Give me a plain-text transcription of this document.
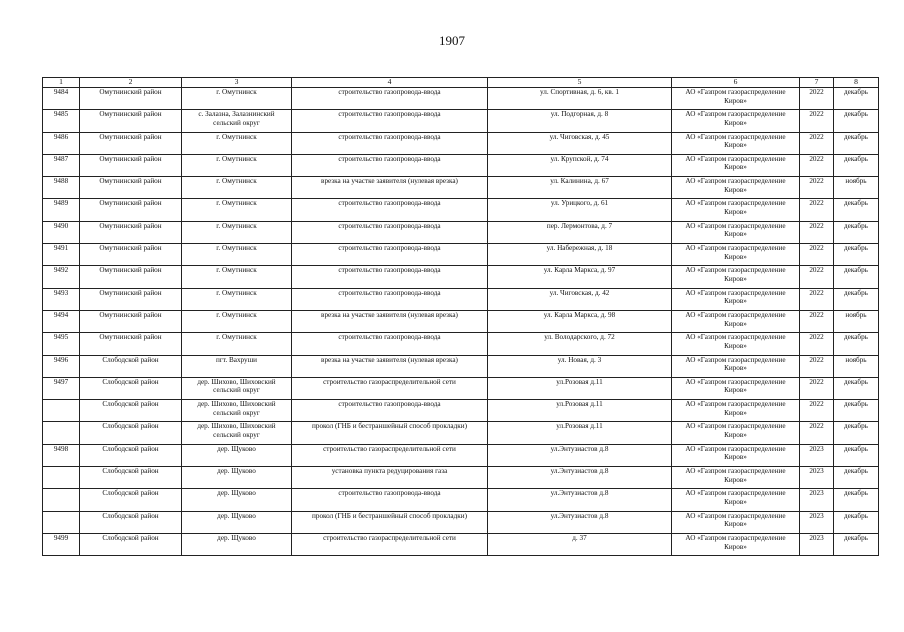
1907
1	2	3	4	5	6	7	8
9484	Омутнинский район	г. Омутнинск	строительство газопровода-ввода	ул. Спортивная, д. 6, кв. 1	АО «Газпром газораспределение Киров»	2022	декабрь
9485	Омутнинский район	с. Залазна, Залазнинский сельский округ	строительство газопровода-ввода	ул. Подгорная, д. 8	АО «Газпром газораспределение Киров»	2022	декабрь
9486	Омутнинский район	г. Омутнинск	строительство газопровода-ввода	ул. Чиговская, д. 45	АО «Газпром газораспределение Киров»	2022	декабрь
9487	Омутнинский район	г. Омутнинск	строительство газопровода-ввода	ул. Крупской, д. 74	АО «Газпром газораспределение Киров»	2022	декабрь
9488	Омутнинский район	г. Омутнинск	врезка на участке заявителя (нулевая врезка)	ул. Калинина, д. 67	АО «Газпром газораспределение Киров»	2022	ноябрь
9489	Омутнинский район	г. Омутнинск	строительство газопровода-ввода	ул. Урицкого, д. 61	АО «Газпром газораспределение Киров»	2022	декабрь
9490	Омутнинский район	г. Омутнинск	строительство газопровода-ввода	пер. Лермонтова, д. 7	АО «Газпром газораспределение Киров»	2022	декабрь
9491	Омутнинский район	г. Омутнинск	строительство газопровода-ввода	ул. Набережная, д. 18	АО «Газпром газораспределение Киров»	2022	декабрь
9492	Омутнинский район	г. Омутнинск	строительство газопровода-ввода	ул. Карла Маркса, д. 97	АО «Газпром газораспределение Киров»	2022	декабрь
9493	Омутнинский район	г. Омутнинск	строительство газопровода-ввода	ул. Чиговская, д. 42	АО «Газпром газораспределение Киров»	2022	декабрь
9494	Омутнинский район	г. Омутнинск	врезка на участке заявителя (нулевая врезка)	ул. Карла Маркса, д. 98	АО «Газпром газораспределение Киров»	2022	ноябрь
9495	Омутнинский район	г. Омутнинск	строительство газопровода-ввода	ул. Володарского, д. 72	АО «Газпром газораспределение Киров»	2022	декабрь
9496	Слободской район	пгт. Вахруши	врезка на участке заявителя (нулевая врезка)	ул. Новая, д. 3	АО «Газпром газораспределение Киров»	2022	ноябрь
9497	Слободской район	дер. Шихово, Шиховский сельский округ	строительство газораспределительной сети	ул.Розовая д.11	АО «Газпром газораспределение Киров»	2022	декабрь
	Слободской район	дер. Шихово, Шиховский сельский округ	строительство газопровода-ввода	ул.Розовая д.11	АО «Газпром газораспределение Киров»	2022	декабрь
	Слободской район	дер. Шихово, Шиховский сельский округ	прокол (ГНБ и бестраншейный способ прокладки)	ул.Розовая д.11	АО «Газпром газораспределение Киров»	2022	декабрь
9498	Слободской район	дер. Щуково	строительство газораспределительной сети	ул.Энтузиастов д.8	АО «Газпром газораспределение Киров»	2023	декабрь
	Слободской район	дер. Щуково	установка пункта редуцирования газа	ул.Энтузиастов д.8	АО «Газпром газораспределение Киров»	2023	декабрь
	Слободской район	дер. Щуково	строительство газопровода-ввода	ул.Энтузиастов д.8	АО «Газпром газораспределение Киров»	2023	декабрь
	Слободской район	дер. Щуково	прокол (ГНБ и бестраншейный способ прокладки)	ул.Энтузиастов д.8	АО «Газпром газораспределение Киров»	2023	декабрь
9499	Слободской район	дер. Щуково	строительство газораспределительной сети	д. 37	АО «Газпром газораспределение Киров»	2023	декабрь
